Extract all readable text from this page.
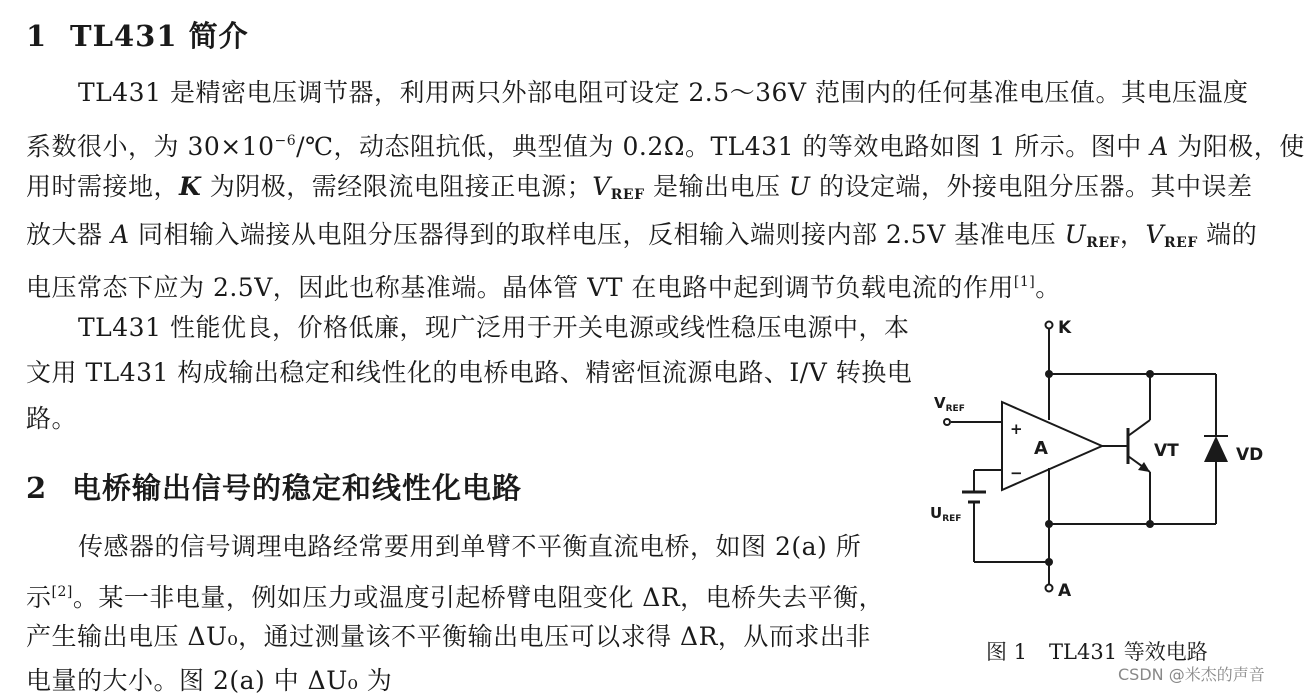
1 TL431 简介
TL431 是精密电压调节器，利用两只外部电阻可设定 2.5～36V 范围内的任何基准电压值。其电压温度
系数很小，为 $30\times 10^{-6}/℃$，动态阻抗低，典型值为 0.2Ω。TL431 的等效电路如图 1 所示。图中 A 为阳极，使
用时需接地，K 为阴极，需经限流电阻接正电源；$V_{REF}$ 是输出电压 U 的设定端，外接电阻分压器。其中误差
放大器 A 同相输入端接从电阻分压器得到的取样电压，反相输入端则接内部 2.5V 基准电压 $U_{REF}$，$V_{REF}$ 端的
电压常态下应为 2.5V，因此也称基准端。晶体管 VT 在电路中起到调节负载电流的作用[1]。
TL431 性能优良，价格低廉，现广泛用于开关电源或线性稳压电源中，本
文用 TL431 构成输出稳定和线性化的电桥电路、精密恒流源电路、I/V 转换电
路。
2 电桥输出信号的稳定和线性化电路
传感器的信号调理电路经常要用到单臂不平衡直流电桥，如图 2(a) 所
示[2]。某一非电量，例如压力或温度引起桥臂电阻变化 ΔR，电桥失去平衡，
产生输出电压 ΔU₀，通过测量该不平衡输出电压可以求得 ΔR，从而求出非
电量的大小。图 2(a) 中 ΔU₀ 为
K
A
$V_{REF}$
$U_{REF}$
A
+
−
VT	VD
图 1 TL431 等效电路
CSDN @米杰的声音
